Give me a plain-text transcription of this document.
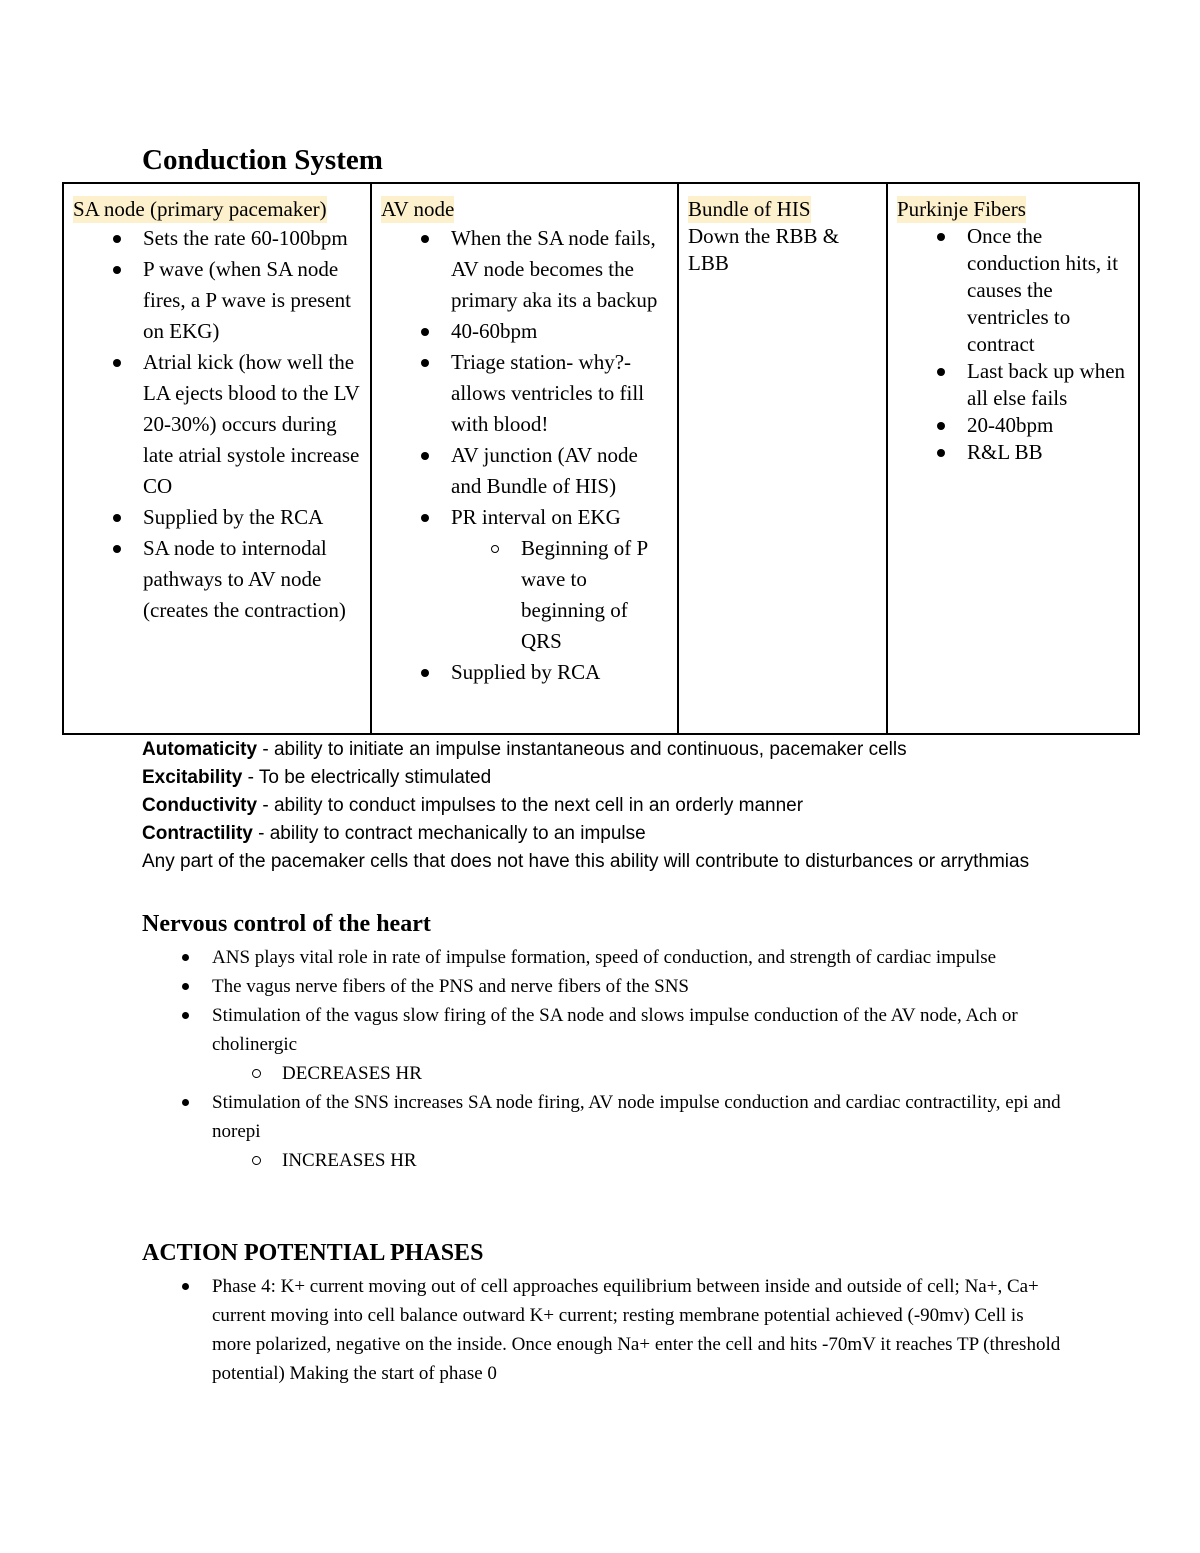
Conduction System
SA node (primary pacemaker)
Sets the rate 60-100bpm
P wave (when SA node fires, a P wave is present on EKG)
Atrial kick (how well the LA ejects blood to the LV 20-30%) occurs during late atrial systole increase CO
Supplied by the RCA
SA node to internodal pathways to AV node (creates the contraction)
	AV node
When the SA node fails, AV node becomes the primary aka its a backup
40-60bpm
Triage station- why?- allows ventricles to fill with blood!
AV junction (AV node and Bundle of HIS)
PR interval on EKG
Beginning of P wave to beginning of QRS
Supplied by RCA
	Bundle of HIS
Down the RBB & LBB
	Purkinje Fibers
Once the conduction hits, it causes the ventricles to contract
Last back up when all else fails
20-40bpm
R&L BB

Automaticity - ability to initiate an impulse instantaneous and continuous, pacemaker cells

Excitability - To be electrically stimulated

Conductivity - ability to conduct impulses to the next cell in an orderly manner

Contractility - ability to contract mechanically to an impulse

Any part of the pacemaker cells that does not have this ability will contribute to disturbances or arrythmias

Nervous control of the heart
ANS plays vital role in rate of impulse formation, speed of conduction, and strength of cardiac impulse
The vagus nerve fibers of the PNS and nerve fibers of the SNS
Stimulation of the vagus slow firing of the SA node and slows impulse conduction of the AV node, Ach or cholinergic
DECREASES HR
Stimulation of the SNS increases SA node firing, AV node impulse conduction and cardiac contractility, epi and norepi
INCREASES HR
ACTION POTENTIAL PHASES
Phase 4: K+ current moving out of cell approaches equilibrium between inside and outside of cell; Na+, Ca+ current moving into cell balance outward K+ current; resting membrane potential achieved (-90mv) Cell is more polarized, negative on the inside. Once enough Na+ enter the cell and hits -70mV it reaches TP (threshold potential) Making the start of phase 0
